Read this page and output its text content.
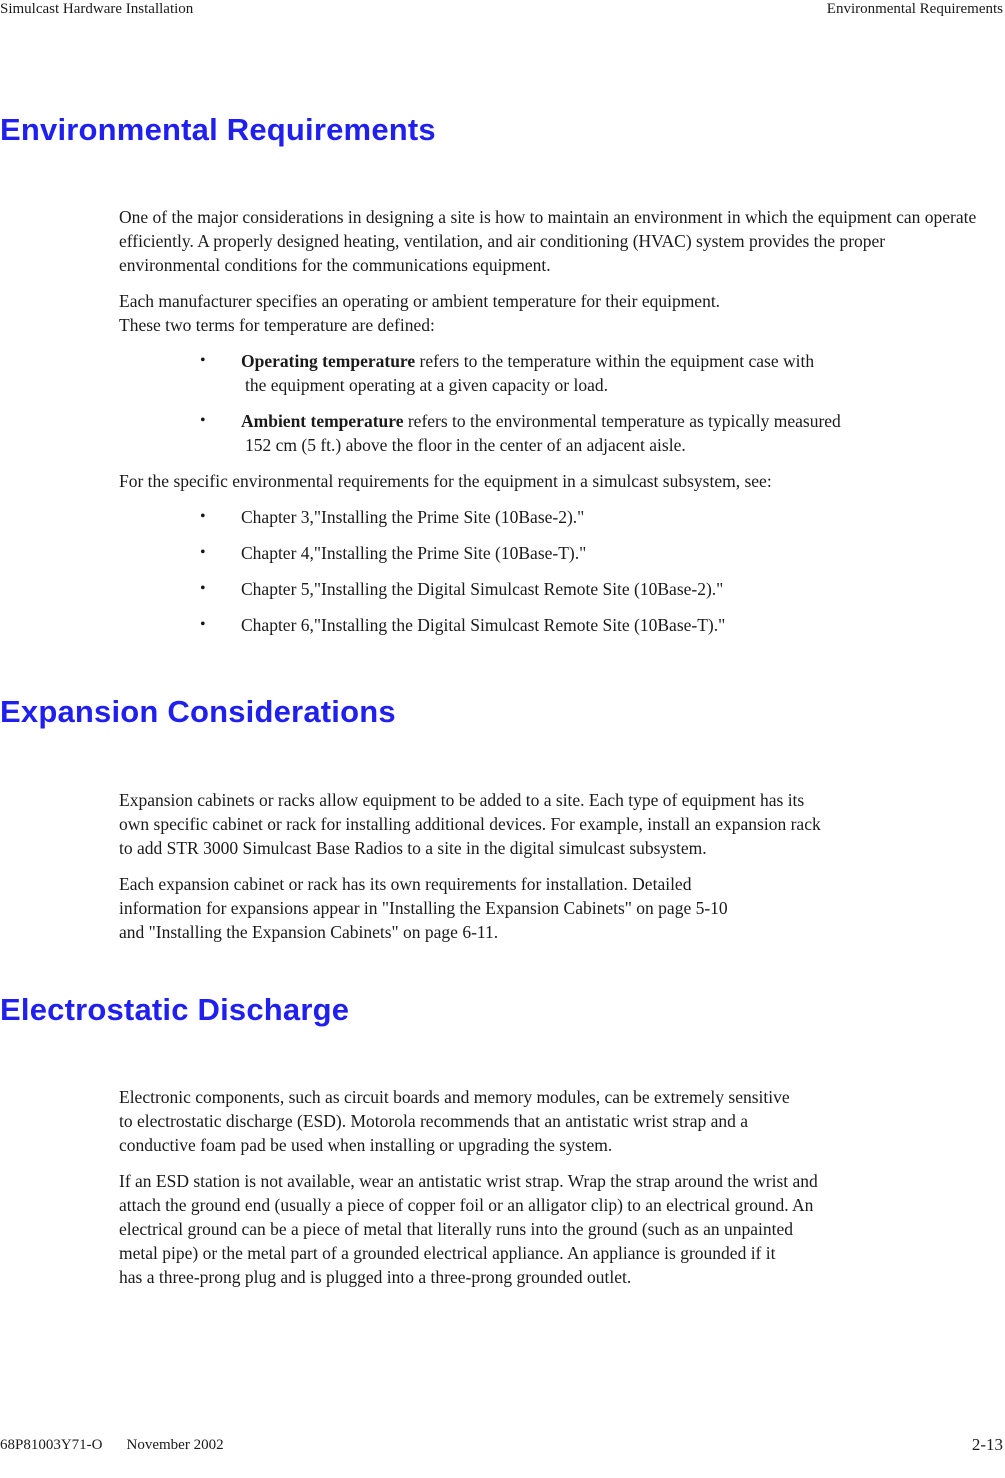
Simulcast Hardware Installation	Environmental Requirements
Environmental Requirements

One of the major considerations in designing a site is how to maintain an environment in which the equipment can operate efficiently. A properly designed heating, ventilation, and air conditioning (HVAC) system provides the proper environmental conditions for the communications equipment.

Each manufacturer specifies an operating or ambient temperature for their equipment.
These two terms for temperature are defined:

• Operating temperature refers to the temperature within the equipment case with
the equipment operating at a given capacity or load.
• Ambient temperature refers to the environmental temperature as typically measured
152 cm (5 ft.) above the floor in the center of an adjacent aisle.

For the specific environmental requirements for the equipment in a simulcast subsystem, see:

• Chapter 3,"Installing the Prime Site (10Base-2)."
• Chapter 4,"Installing the Prime Site (10Base-T)."
• Chapter 5,"Installing the Digital Simulcast Remote Site (10Base-2)."
• Chapter 6,"Installing the Digital Simulcast Remote Site (10Base-T)."
Expansion Considerations

Expansion cabinets or racks allow equipment to be added to a site. Each type of equipment has its
own specific cabinet or rack for installing additional devices. For example, install an expansion rack
to add STR 3000 Simulcast Base Radios to a site in the digital simulcast subsystem.

Each expansion cabinet or rack has its own requirements for installation. Detailed
information for expansions appear in "Installing the Expansion Cabinets" on page 5-10
and "Installing the Expansion Cabinets" on page 6-11.

Electrostatic Discharge

Electronic components, such as circuit boards and memory modules, can be extremely sensitive
to electrostatic discharge (ESD). Motorola recommends that an antistatic wrist strap and a
conductive foam pad be used when installing or upgrading the system.

If an ESD station is not available, wear an antistatic wrist strap. Wrap the strap around the wrist and
attach the ground end (usually a piece of copper foil or an alligator clip) to an electrical ground. An
electrical ground can be a piece of metal that literally runs into the ground (such as an unpainted
metal pipe) or the metal part of a grounded electrical appliance. An appliance is grounded if it
has a three-prong plug and is plugged into a three-prong grounded outlet.

68P81003Y71-O November 2002	2-13
